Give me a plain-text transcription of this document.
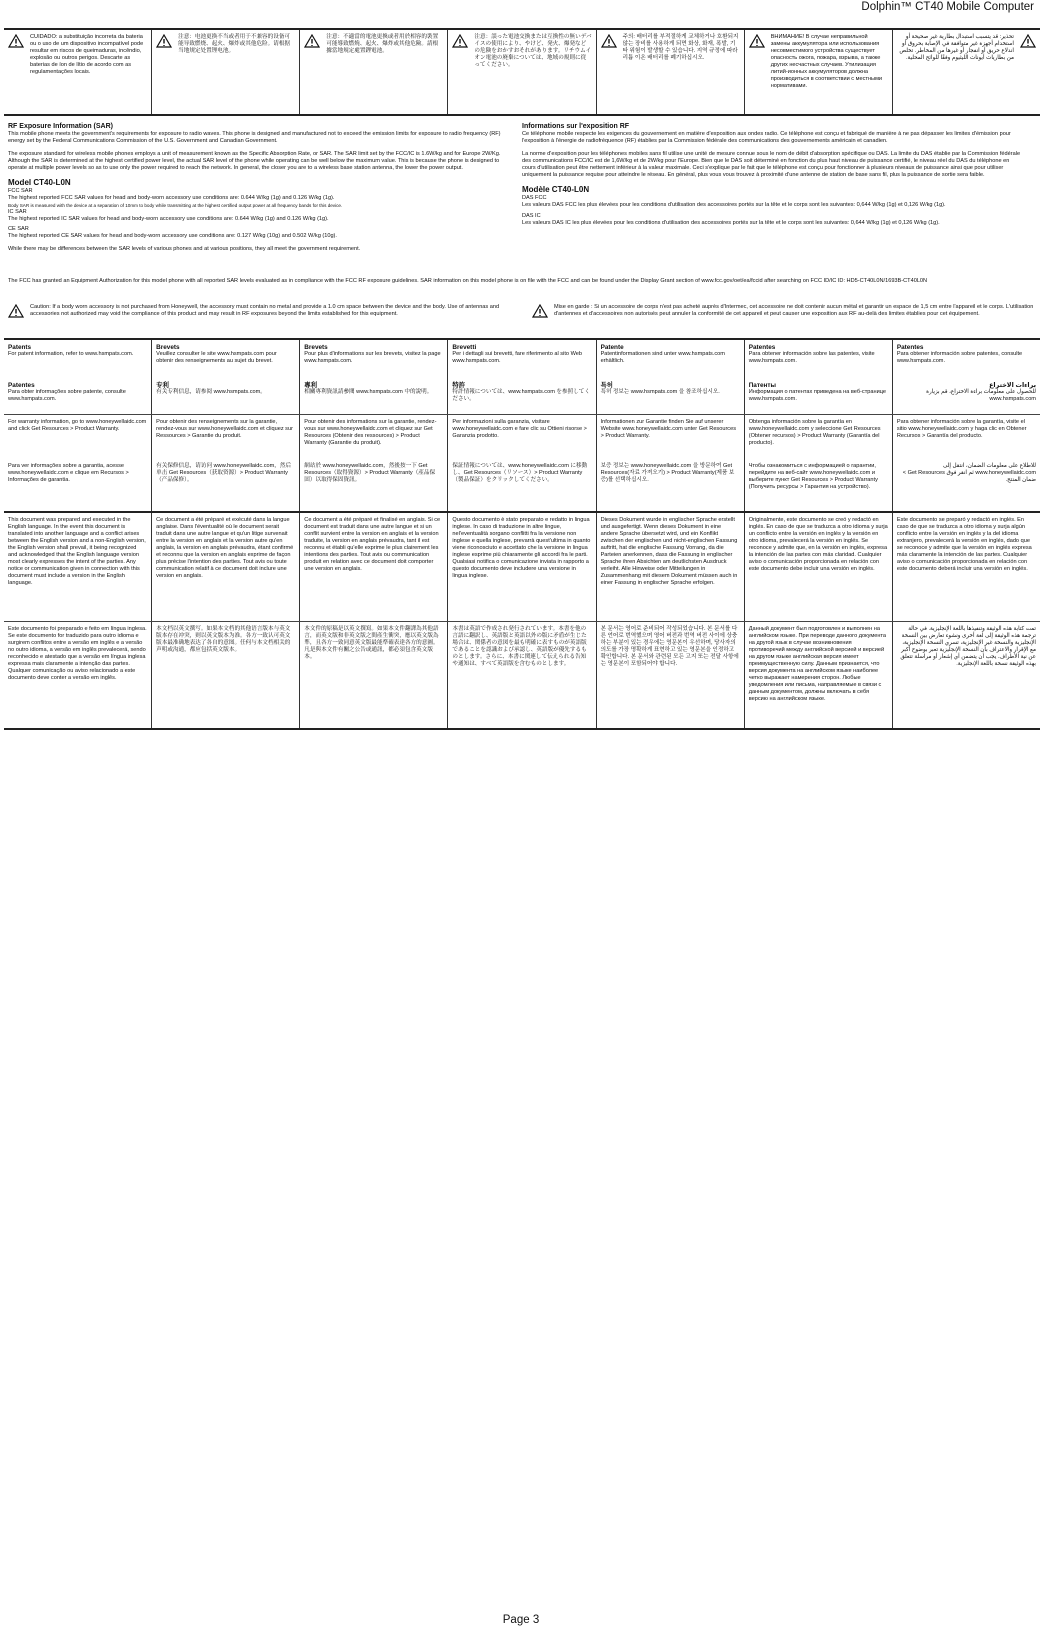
Dolphin™ CT40 Mobile Computer
CUIDADO: a substituição incorreta da bateria ou o uso de um dispositivo incompatível pode resultar em riscos de queimaduras, incêndio, explosão ou outros perigos. Descarte as baterias de íon de lítio de acordo com as regulamentações locais.
注意：电池更换不当或者用于不兼容的设备可能导致燃烧、起火、爆炸或其他危险。请根据当地规定处置锂电池。
注意：不適當的電池更換或者用於相容的裝置可能導致燃燒、起火、爆炸或其他危險。請根據當地規定處置鋰電池。
注意：誤った電池交換または互換性の無いデバイスの使用により、やけど、発火、爆発などの危険をおかすおそれがあります。リチウムイオン電池の廃棄については、地域の規則に従ってください。
주의: 배터리를 부적절하게 교체하거나 호환되지 않는 장비를 사용하게 되면 화상, 화재, 폭발, 기타 위험이 발생할 수 있습니다. 지역 규정에 따라 리튬 이온 배터리를 폐기하십시오.
ВНИМАНИЕ! В случае неправильной замены аккумулятора или использования несовместимого устройства существует опасность ожога, пожара, взрыва, а также других несчастных случаев. Утилизация литий-ионных аккумуляторов должна производиться в соответствии с местными нормативами.
تحذير: قد يتسبب استبدال بطارية غير صحيحة أو استخدام أجهزة غير متوافقة في الإصابة بحروق أو اندلاع حريق أو انفجار أو غيرها من المخاطر. تخلص من بطاريات أيونات الليثيوم وفقًا للوائح المحلية.
RF Exposure Information (SAR)

This mobile phone meets the government's requirements for exposure to radio waves. This phone is designed and manufactured not to exceed the emission limits for exposure to radio frequency (RF) energy set by the Federal Communications Commission of the U.S. Government and Canadian Government.

The exposure standard for wireless mobile phones employs a unit of measurement known as the Specific Absorption Rate, or SAR. The SAR limit set by the FCC/IC is 1.6W/kg and for Europe 2W/Kg. Although the SAR is determined at the highest certified power level, the actual SAR level of the phone while operating can be well below the maximum value. This is because the phone is designed to operate at multiple power levels so as to use only the power required to reach the network. In general, the closer you are to a wireless base station antenna, the lower the power output.

Model CT40-L0N
FCC SAR
The highest reported FCC SAR values for head and body-worn accessory use conditions are: 0.644 W/kg (1g) and 0.126 W/kg (1g).
Body SAR is measured with the device at a separation of 10mm to body while transmitting at the highest certified output power at all frequency bands for this device.
IC SAR
The highest reported IC SAR values for head and body-worn accessory use conditions are: 0.644 W/kg (1g) and 0.126 W/kg (1g).
CE SAR
The highest reported CE SAR values for head and body-worn accessory use conditions are: 0.127 W/kg (10g) and 0.502 W/kg (10g).
While there may be differences between the SAR levels of various phones and at various positions, they all meet the government requirement.
Informations sur l'exposition RF

Ce téléphone mobile respecte les exigences du gouvernement en matière d'exposition aux ondes radio. Ce téléphone est conçu et fabriqué de manière à ne pas dépasser les limites d'émission pour l'exposition à l'énergie de radiofréquence (RF) établies par la Commission fédérale des communications des gouvernements américain et canadien.

La norme d'exposition pour les téléphones mobiles sans fil utilise une unité de mesure connue sous le nom de débit d'absorption spécifique ou DAS. La limite du DAS établie par la Commission fédérale des communications FCC/IC est de 1,6W/kg et de 2W/kg pour l'Europe. Bien que le DAS soit déterminé en fonction du plus haut niveau de puissance certifié, le niveau réel du DAS du téléphone en cours d'utilisation peut être nettement inférieur à la valeur maximale. Ceci s'explique par le fait que le téléphone est conçu pour fonctionner à plusieurs niveaux de puissance ainsi que pour utiliser uniquement la puissance requise pour atteindre le réseau. En général, plus vous vous trouvez à proximité d'une antenne de station de base sans fil, plus la puissance de sortie sera faible.

Modèle CT40-L0N
DAS FCC
Les valeurs DAS FCC les plus élevées pour les conditions d'utilisation des accessoires portés sur la tête et le corps sont les suivantes: 0,644 W/kg (1g) et 0,126 W/kg (1g).
DAS IC
Les valeurs DAS IC les plus élevées pour les conditions d'utilisation des accessoires portés sur la tête et le corps sont les suivantes: 0,644 W/kg (1g) et 0,126 W/kg (1g).
The FCC has granted an Equipment Authorization for this model phone with all reported SAR levels evaluated as in compliance with the FCC RF exposure guidelines. SAR information on this model phone is on file with the FCC and can be found under the Display Grant section of www.fcc.gov/oet/ea/fccid after searching on FCC ID/IC ID: HD5-CT40L0N/1693B-CT40L0N
Caution: If a body worn accessory is not purchased from Honeywell, the accessory must contain no metal and provide a 1.0 cm space between the device and the body. Use of antennas and accessories not authorized may void the compliance of this product and may result in RF exposures beyond the limits established for this equipment.
Mise en garde : Si un accessoire de corps n'est pas acheté auprès d'Intermec, cet accessoire ne doit contenir aucun métal et garantir un espace de 1,5 cm entre l'appareil et le corps. L'utilisation d'antennes et d'accessoires non autorisés peut annuler la conformité de cet appareil et peut causer une exposition aux RF au-delà des limites établies pour cet équipement.
Patents
For patent information, refer to www.hsmpats.com.
Brevets
Veuillez consulter le site www.hsmpats.com pour obtenir des renseignements au sujet du brevet.
Brevets
Pour plus d'informations sur les brevets, visitez la page www.hsmpats.com.
Brevetti
Per i dettagli sui brevetti, fare riferimento al sito Web www.hsmpats.com.
Patente
Patentinformationen sind unter www.hsmpats.com erhältlich.
Patentes
Para obtener información sobre las patentes, visite www.hsmpats.com.
Patentes
Para obtener información sobre patentes, consulte www.hsmpats.com.
Patentes
Para obter informações sobre patente, consulte www.hsmpats.com.
专利
有关专利信息，请参阅 www.hsmpats.com。
專利
相關專利資訊請參閱 www.hsmpats.com 中的說明。
特許
特許情報については、www.hsmpats.com を参照してください。
특허
특허 정보는 www.hsmpats.com 을 참조하십시오.
Патенты
Информация о патентах приведена на веб-странице www.hsmpats.com.
براءات الاختراع
للحصول على معلومات براءة الاختراع، قم بزيارة www.hsmpats.com
For warranty information, go to www.honeywellaidc.com and click Get Resources > Product Warranty.
Pour obtenir des renseignements sur la garantie, rendez-vous sur www.honeywellaidc.com et cliquez sur Ressources > Garantie du produit.
Pour obtenir des informations sur la garantie, rendez-vous sur www.honeywellaidc.com et cliquez sur Get Resources (Obtenir des ressources) > Product Warranty (Garantie du produit).
Per informazioni sulla garanzia, visitare www.honeywellaidc.com e fare clic su Ottieni risorse > Garanzia prodotto.
Informationen zur Garantie finden Sie auf unserer Website www.honeywellaidc.com unter Get Resources > Product Warranty.
Obtenga información sobre la garantía en www.honeywellaidc.com y seleccione Get Resources (Obtener recursos) > Product Warranty (Garantía del producto).
Para obtener información sobre la garantía, visite el sitio www.honeywellaidc.com y haga clic en Obtener Recursos > Garantía del producto.
Para ver informações sobre a garantia, acesse www.honeywellaidc.com e clique em Recursos > Informações de garantia.
有关保修信息，请访问 www.honeywellaidc.com，然后单击 Get Resources（获取资源）> Product Warranty（产品保修）。
網站於 www.honeywellaidc.com，然後按一下 Get Resources（取得資源）> Product Warranty（產品保固）以取得保固資訊。
保証情報については、www.honeywellaidc.com に移動し、Get Resources（リソース）> Product Warranty（製品保証）をクリックしてください。
보증 정보는 www.honeywellaidc.com 을 방문하여 Get Resources(자료 가져오기) > Product Warranty(제품 보증)를 선택하십시오.
Чтобы ознакомиться с информацией о гарантии, перейдите на веб-сайт www.honeywellaidc.com и выберите пункт Get Resources > Product Warranty (Получить ресурсы > Гарантия на устройство).
للاطلاع على معلومات الضمان، انتقل إلى www.honeywellaidc.com ثم انقر فوق Get Resources > ضمان المنتج.
This document was prepared and executed in the English language. In the event this document is translated into another language and a conflict arises between the English version and a non-English version, the English version shall prevail, it being recognized and acknowledged that the English language version most clearly expresses the intent of the parties. Any notice or communication given in connection with this document must include a version in the English language.
Ce document a été préparé et exécuté dans la langue anglaise. Dans l'éventualité où le document serait traduit dans une autre langue et qu'un litige survenait entre la version en anglais et la version autre qu'en anglais, la version en anglais prévaudra, étant confirmé et reconnu que la version en anglais exprime de façon plus précise l'intention des parties. Tout avis ou toute communication relatif à ce document doit inclure une version en anglais.
Ce document a été préparé et finalisé en anglais. Si ce document est traduit dans une autre langue et si un conflit survient entre la version en anglais et la version traduite, la version en anglais prévaudra, tant il est reconnu et établi qu'elle exprime le plus clairement les intentions des parties. Tout avis ou communication produit en relation avec ce document doit comporter une version en anglais.
Questo documento è stato preparato e redatto in lingua inglese. In caso di traduzione in altre lingue, nel'eventualità sorgano conflitti fra la versione non inglese e quella inglese, prevarrà quest'ultima in quanto viene riconosciuto e accettato che la versione in lingua inglese esprime più chiaramente gli accordi fra le parti. Qualsiasi notifica o comunicazione inviata in rapporto a questo documento deve includere una versione in lingua inglese.
Dieses Dokument wurde in englischer Sprache erstellt und ausgefertigt. Wenn dieses Dokument in eine andere Sprache übersetzt wird, und ein Konflikt zwischen der englischen und nicht-englischen Fassung auftritt, hat die englische Fassung Vorrang, da die Parteien anerkennen, dass die Fassung in englischer Sprache ihren Absichten am deutlichsten Ausdruck verleiht. Alle Hinweise oder Mitteilungen in Zusammenhang mit diesem Dokument müssen auch in einer Fassung in englischer Sprache erfolgen.
Originalmente, este documento se creó y redactó en inglés. En caso de que se traduzca a otro idioma y surja un conflicto entre la versión en inglés y la versión en otro idioma, prevalecerá la versión en inglés. Se reconoce y admite que, en la versión en inglés, expresa la intención de las partes con más claridad. Cualquier aviso o comunicación proporcionada en relación con este documento debe incluir una versión en inglés.
Este documento se preparó y redactó en inglés. En caso de que se traduzca a otro idioma y surja algún conflicto entre la versión en inglés y la del idioma extranjero, prevalecerá la versión en inglés, dado que se reconoce y admite que la versión en inglés expresa más claramente la intención de las partes. Cualquier aviso o comunicación proporcionada en relación con este documento deberá incluir una versión en inglés.
Este documento foi preparado e feito em língua inglesa. Se este documento for traduzido para outro idioma e surgirem conflitos entre a versão em inglês e a versão no outro idioma, a versão em inglês prevalecerá, sendo reconhecido e atestado que a versão em língua inglesa expressa mais claramente a intenção das partes. Qualquer comunicação ou aviso relacionado a este documento deve conter a versão em inglês.
本文档以英文撰写。如果本文档的其他语言版本与英文版本存在冲突，则以英文版本为准。各方一致认可英文版本最准确地表达了各自的意图。任何与本文档相关的声明或沟通，都应包括英文版本。
本文件的原稿是以英文撰寫。如果本文件翻譯為其他語言，而英文版和非英文版之間產生衝突，應以英文版為準，且各方一致同意英文版最能準確表達各方的意圖。凡是與本文件有關之公告或通訊，都必須包含英文版本。
本書は英語で作成され発行されています。本書を他の言語に翻訳し、英語版と英語以外の版に矛盾が生じた場合は、関係者の意図を最も明確に表すものが英語版であることを認識および承認し、英語版が優先するものとします。さらに、本書に関連して伝えられる告知や通知は、すべて英語版を含むものとします。
본 문서는 영어로 준비되어 작성되었습니다. 본 문서를 다른 언어로 번역했으며 영어 버전과 번역 버전 사이에 상충하는 부분이 있는 경우에는 영문본이 우선하며, 당사자의 의도를 가장 명확하게 표현하고 있는 영문본을 인정하고 확인합니다. 본 문서와 관련된 모든 고지 또는 전달 사항에는 영문본이 포함되어야 합니다.
Данный документ был подготовлен и выполнен на английском языке. При переводе данного документа на другой язык в случае возникновения противоречий между английской версией и версией на другом языке английская версия имеет преимущественную силу. Данным признается, что версия документа на английском языке наиболее четко выражает намерения сторон. Любые уведомления или письма, направляемые в связи с данным документом, должны включать в себя версию на английском языке.
تمت كتابة هذه الوثيقة وتنفيذها باللغة الإنجليزية. في حالة ترجمة هذه الوثيقة إلى لغة أخرى ونشوء تعارض بين النسخة الإنجليزية والنسخة غير الإنجليزية، تسري النسخة الإنجليزية، مع الإقرار والاعتراف بأن النسخة الإنجليزية تعبر بوضوح أكبر عن نية الأطراف. يجب أن يتضمن أي إشعار أو مراسلة تتعلق بهذه الوثيقة نسخة باللغة الإنجليزية.
Page 3
